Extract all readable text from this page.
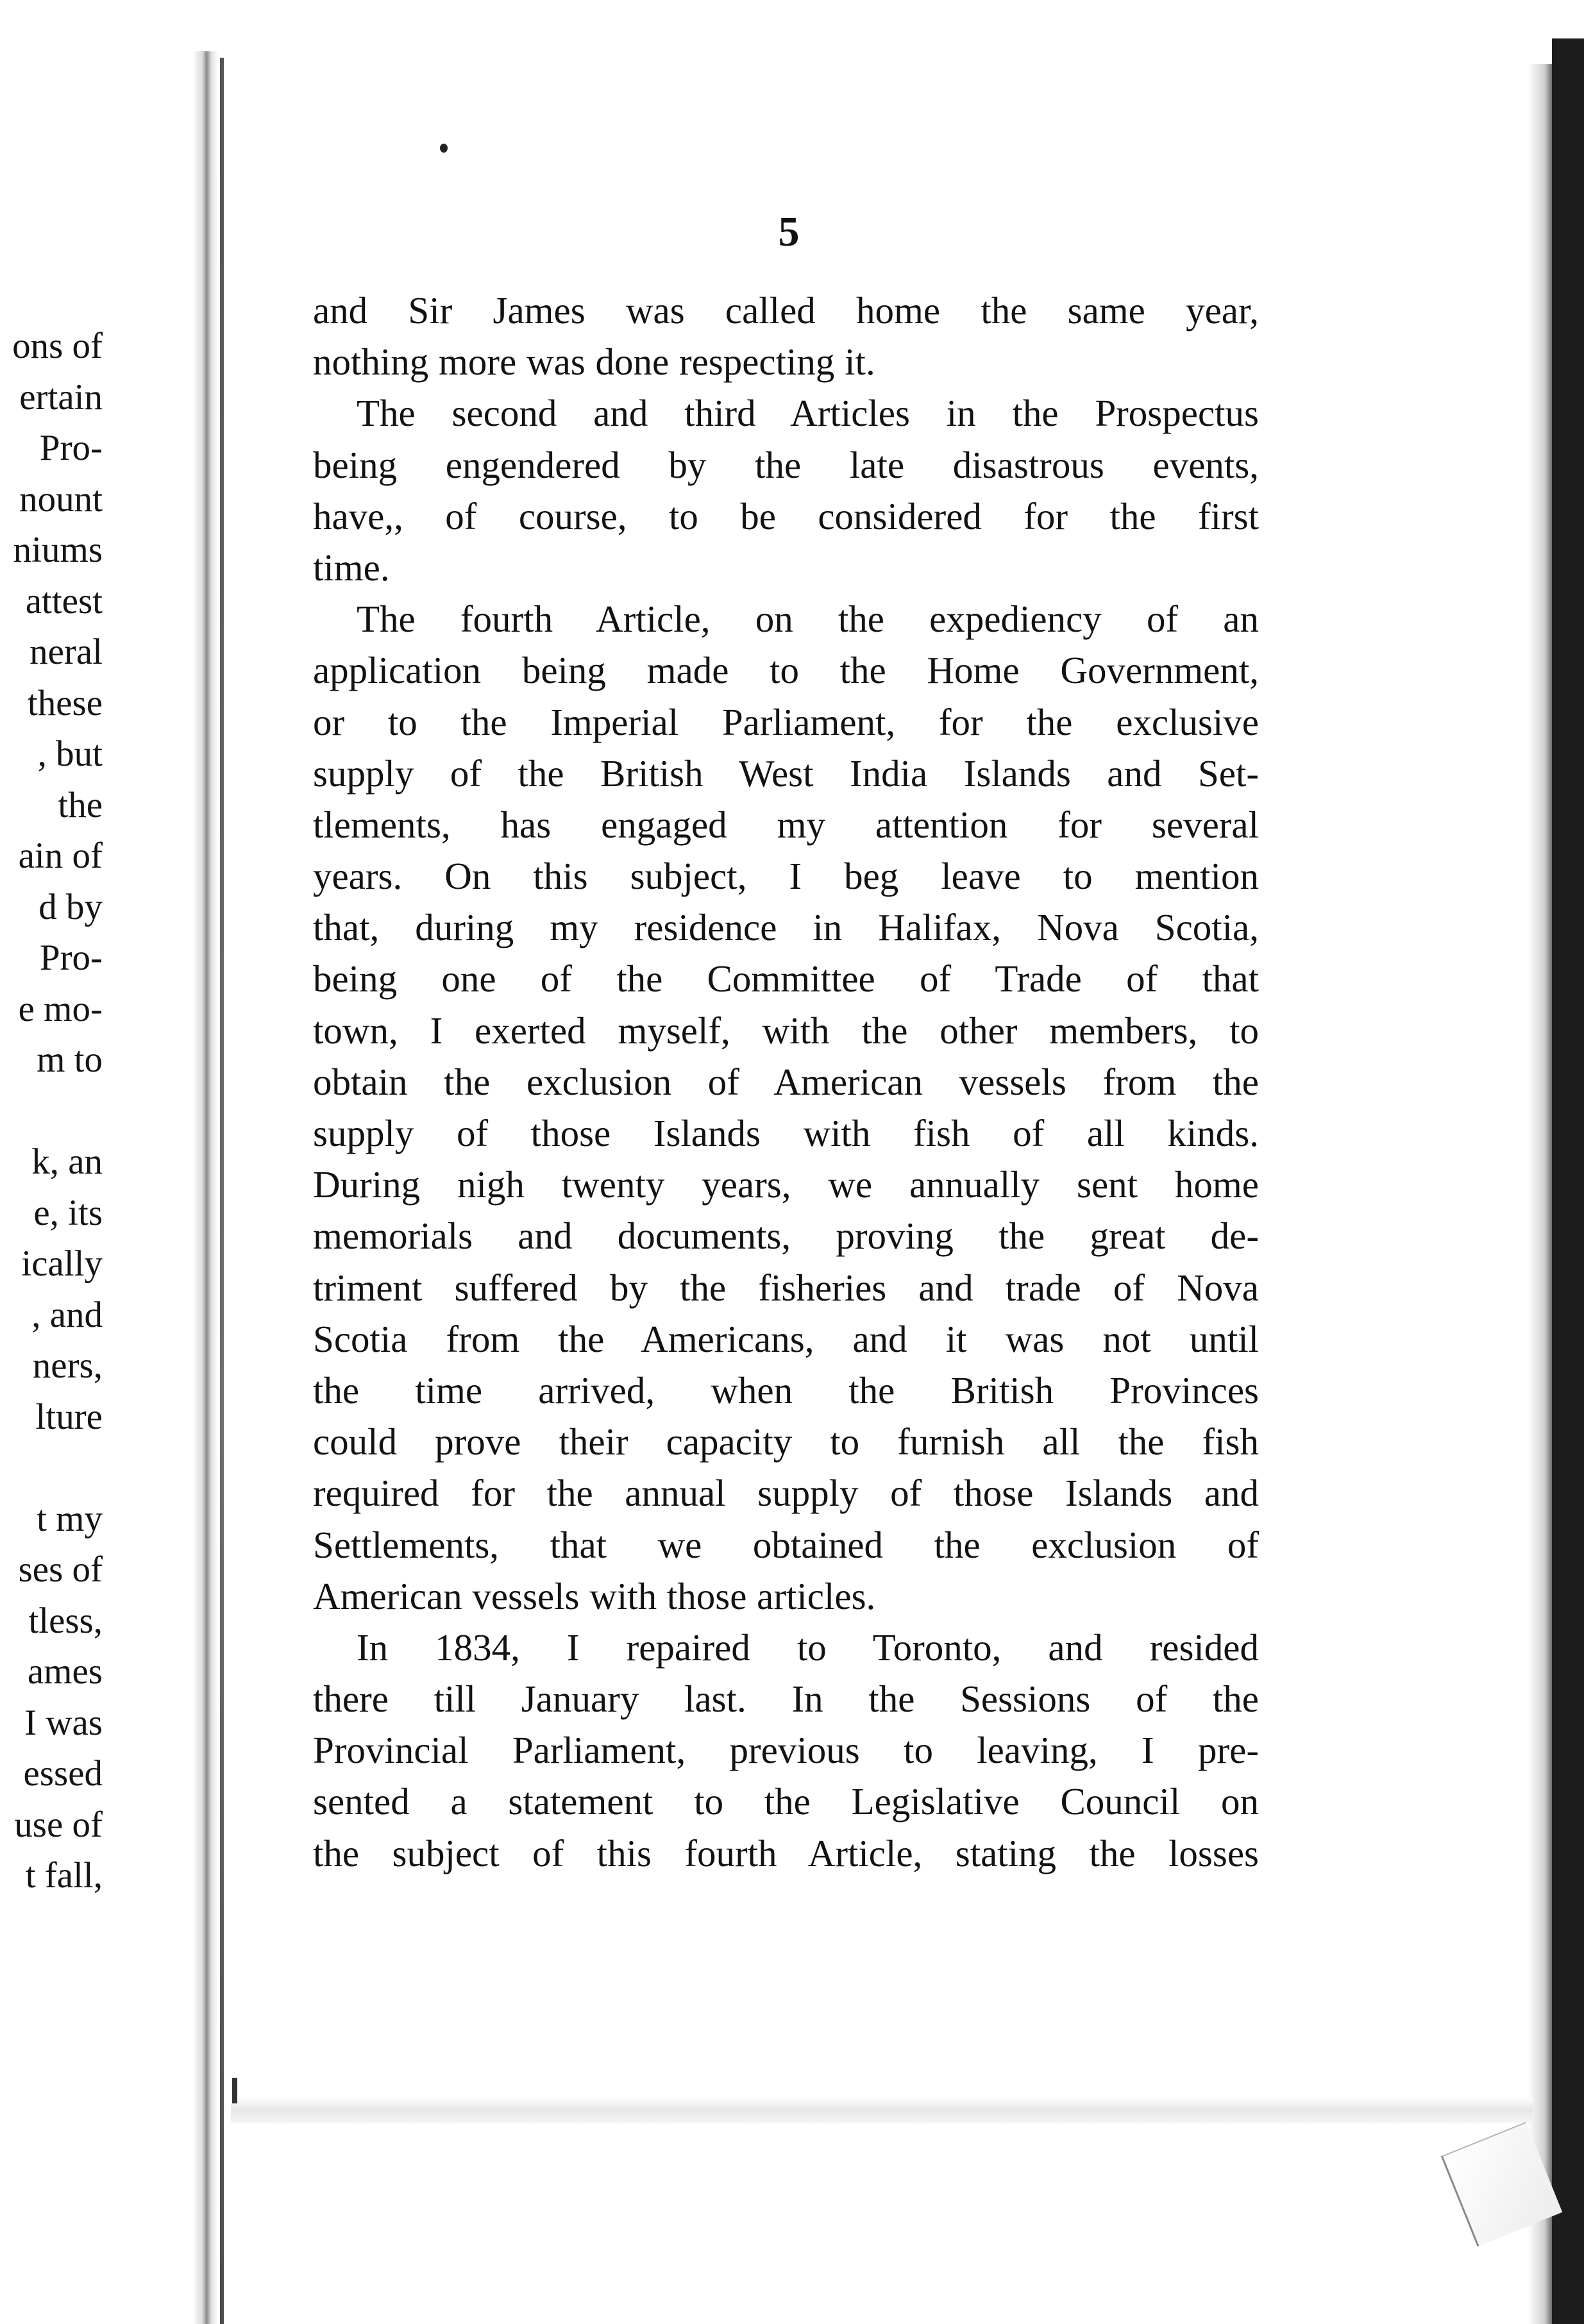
ons of
ertain
Pro-
nount
niums
attest
neral
these
, but
the
ain of
d by
Pro-
e mo-
m to
k, an
e, its
ically
, and
ners,
lture
t my
ses of
tless,
ames
I was
essed
use of
t fall,
5
and Sir James was called home the same year,
nothing more was done respecting it.
The second and third Articles in the Prospectus
being engendered by the late disastrous events,
have,, of course, to be considered for the first
time.
The fourth Article, on the expediency of an
application being made to the Home Government,
or to the Imperial Parliament, for the exclusive
supply of the British West India Islands and Set-
tlements, has engaged my attention for several
years. On this subject, I beg leave to mention
that, during my residence in Halifax, Nova Scotia,
being one of the Committee of Trade of that
town, I exerted myself, with the other members, to
obtain the exclusion of American vessels from the
supply of those Islands with fish of all kinds.
During nigh twenty years, we annually sent home
memorials and documents, proving the great de-
triment suffered by the fisheries and trade of Nova
Scotia from the Americans, and it was not until
the time arrived, when the British Provinces
could prove their capacity to furnish all the fish
required for the annual supply of those Islands and
Settlements, that we obtained the exclusion of
American vessels with those articles.
In 1834, I repaired to Toronto, and resided
there till January last. In the Sessions of the
Provincial Parliament, previous to leaving, I pre-
sented a statement to the Legislative Council on
the subject of this fourth Article, stating the losses
